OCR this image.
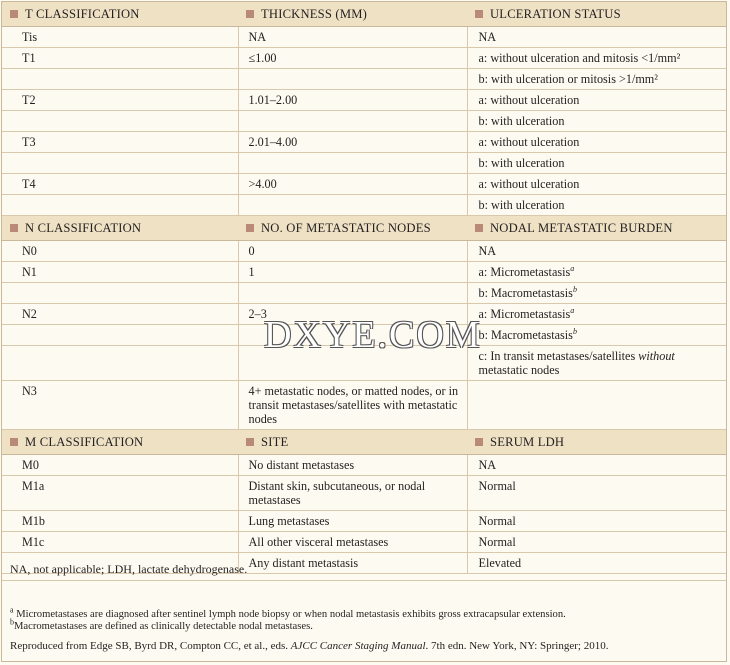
T CLASSIFICATION	THICKNESS (MM)	ULCERATION STATUS
Tis	NA	NA
T1	≤1.00	a: without ulceration and mitosis <1/mm²
		b: with ulceration or mitosis >1/mm²
T2	1.01–2.00	a: without ulceration
		b: with ulceration
T3	2.01–4.00	a: without ulceration
		b: with ulceration
T4	>4.00	a: without ulceration
		b: with ulceration
N CLASSIFICATION	NO. OF METASTATIC NODES	NODAL METASTATIC BURDEN
N0	0	NA
N1	1	a: Micrometastasis$^a$
		b: Macrometastasis$^b$
N2	2–3	a: Micrometastasis$^a$
		b: Macrometastasis$^b$
		c: In transit metastases/satellites without metastatic nodes
N3	4+ metastatic nodes, or matted nodes, or in transit metastases/satellites with metastatic nodes	
M CLASSIFICATION	SITE	SERUM LDH
M0	No distant metastases	NA
M1a	Distant skin, subcutaneous, or nodal metastases	Normal
M1b	Lung metastases	Normal
M1c	All other visceral metastases	Normal
	Any distant metastasis	Elevated
NA, not applicable; LDH, lactate dehydrogenase.
$^a$ Micrometastases are diagnosed after sentinel lymph node biopsy or when nodal metastasis exhibits gross extracapsular extension.
$^b$Macrometastases are defined as clinically detectable nodal metastases.
Reproduced from Edge SB, Byrd DR, Compton CC, et al., eds. AJCC Cancer Staging Manual. 7th edn. New York, NY: Springer; 2010.
DXYE.COM
